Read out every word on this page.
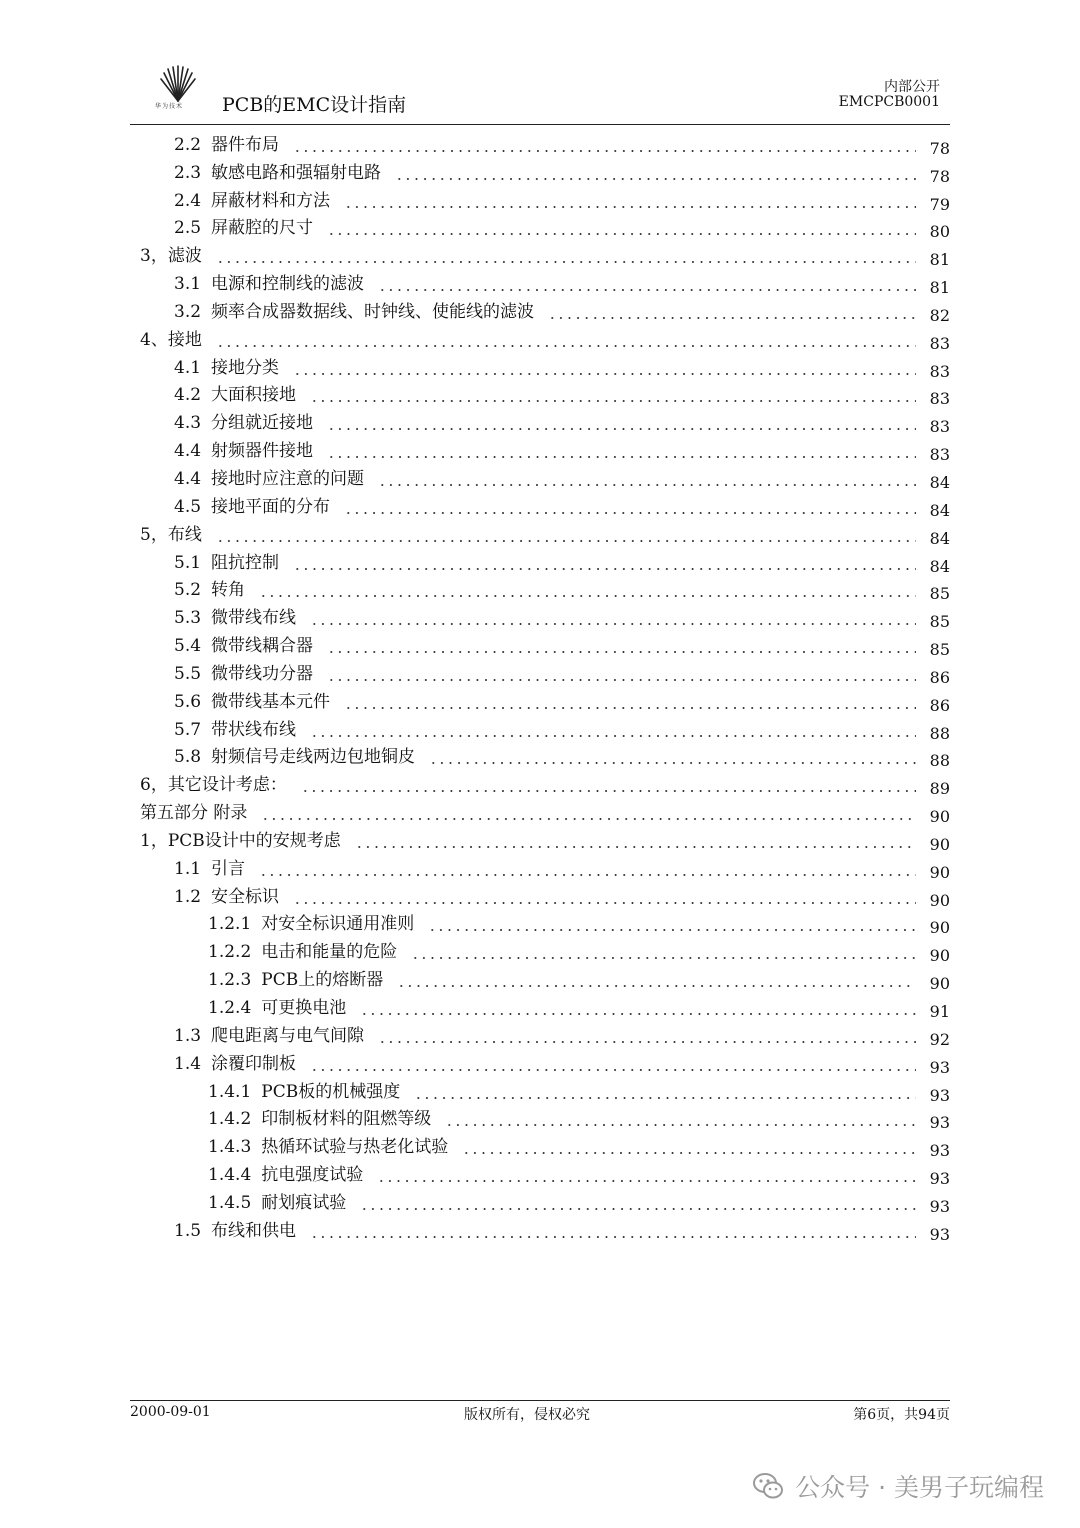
华为技术 PCB的EMC设计指南
内部公开
EMCPCB0001
2.2 器件布局	78
2.3 敏感电路和强辐射电路	78
2.4 屏蔽材料和方法	79
2.5 屏蔽腔的尺寸	80
3，滤波	81
3.1 电源和控制线的滤波	81
3.2 频率合成器数据线、时钟线、使能线的滤波	82
4、接地	83
4.1 接地分类	83
4.2 大面积接地	83
4.3 分组就近接地	83
4.4 射频器件接地	83
4.4 接地时应注意的问题	84
4.5 接地平面的分布	84
5，布线	84
5.1 阻抗控制	84
5.2 转角	85
5.3 微带线布线	85
5.4 微带线耦合器	85
5.5 微带线功分器	86
5.6 微带线基本元件	86
5.7 带状线布线	88
5.8 射频信号走线两边包地铜皮	88
6，其它设计考虑：	89
第五部分 附录	90
1，PCB设计中的安规考虑	90
1.1 引言	90
1.2 安全标识	90
1.2.1 对安全标识通用准则	90
1.2.2 电击和能量的危险	90
1.2.3 PCB上的熔断器	90
1.2.4 可更换电池	91
1.3 爬电距离与电气间隙	92
1.4 涂覆印制板	93
1.4.1 PCB板的机械强度	93
1.4.2 印制板材料的阻燃等级	93
1.4.3 热循环试验与热老化试验	93
1.4.4 抗电强度试验	93
1.4.5 耐划痕试验	93
1.5 布线和供电	93
2000-09-01	版权所有，侵权必究	第6页，共94页
公众号 · 美男子玩编程
